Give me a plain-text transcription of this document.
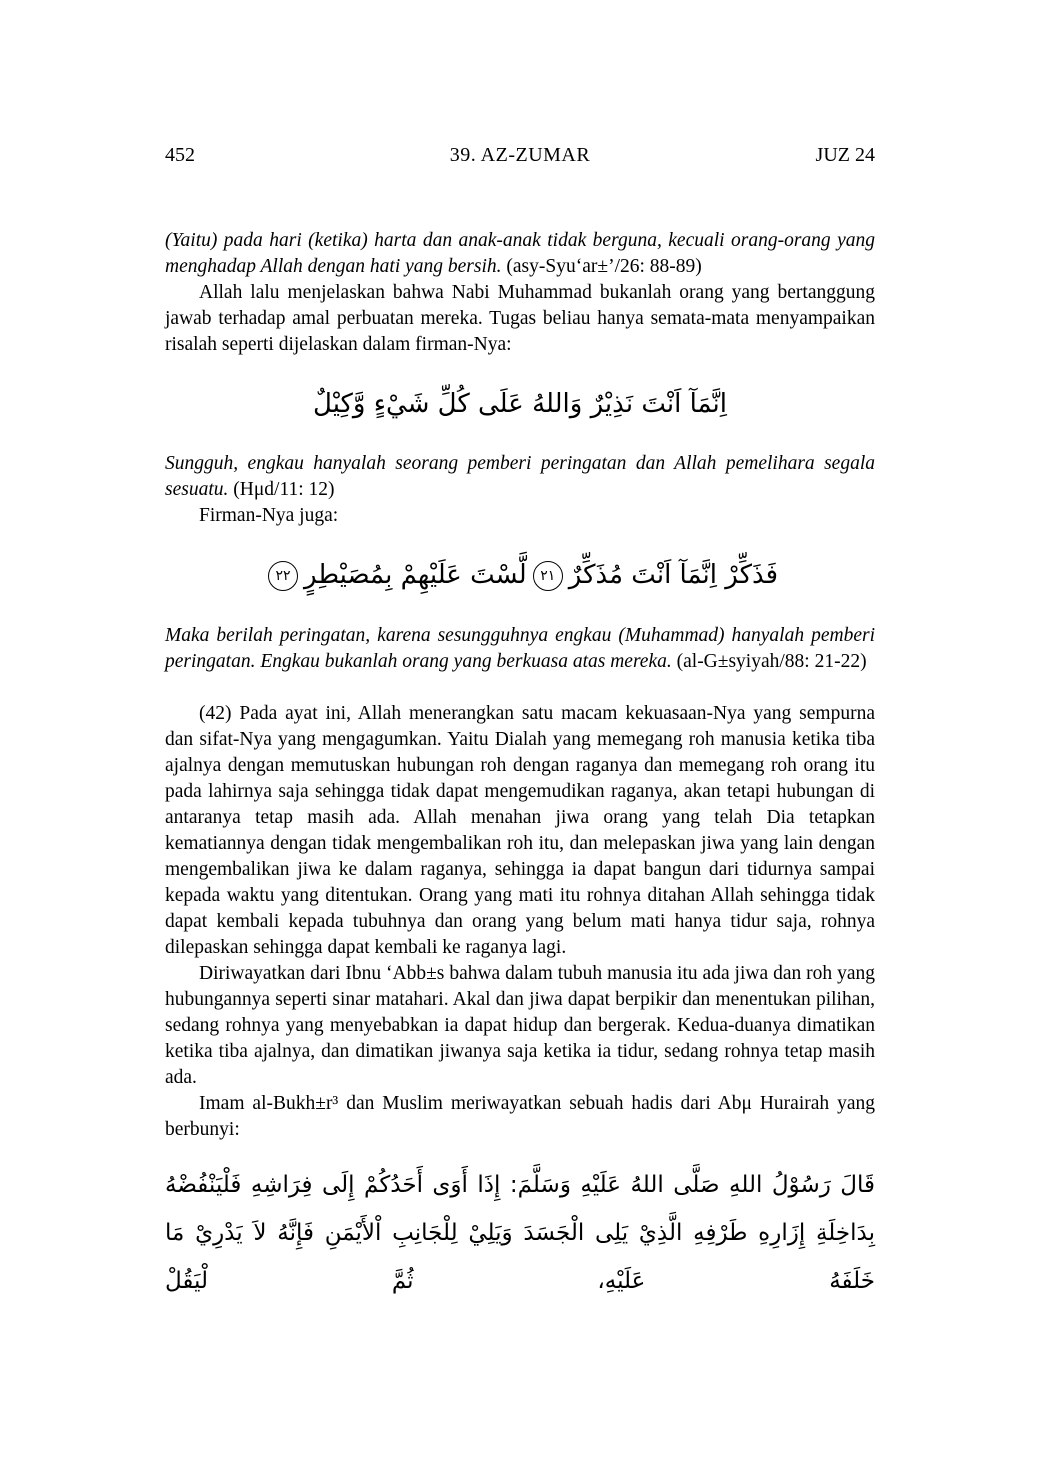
452	39. AZ-ZUMAR	JUZ 24

(Yaitu) pada hari (ketika) harta dan anak-anak tidak berguna, kecuali orang-orang yang menghadap Allah dengan hati yang bersih. (asy-Syu‘ar±’/26: 88-89)

Allah lalu menjelaskan bahwa Nabi Muhammad bukanlah orang yang bertanggung jawab terhadap amal perbuatan mereka. Tugas beliau hanya semata-mata menyampaikan risalah seperti dijelaskan dalam firman-Nya:

اِنَّمَآ اَنْتَ نَذِيْرٌ وَاللهُ عَلَى كُلِّ شَيْءٍ وَّكِيْلٌ

Sungguh, engkau hanyalah seorang pemberi peringatan dan Allah pemelihara segala sesuatu. (Hμd/11: 12)

Firman-Nya juga:

فَذَكِّرْ اِنَّمَآ اَنْتَ مُذَكِّرٌ٢١لَّسْتَ عَلَيْهِمْ بِمُصَيْطِرٍ٢٢

Maka berilah peringatan, karena sesungguhnya engkau (Muhammad) hanyalah pemberi peringatan. Engkau bukanlah orang yang berkuasa atas mereka. (al-G±syiyah/88: 21-22)

(42) Pada ayat ini, Allah menerangkan satu macam kekuasaan-Nya yang sempurna dan sifat-Nya yang mengagumkan. Yaitu Dialah yang memegang roh manusia ketika tiba ajalnya dengan memutuskan hubungan roh dengan raganya dan memegang roh orang itu pada lahirnya saja sehingga tidak dapat mengemudikan raganya, akan tetapi hubungan di antaranya tetap masih ada. Allah menahan jiwa orang yang telah Dia tetapkan kematiannya dengan tidak mengembalikan roh itu, dan melepaskan jiwa yang lain dengan mengembalikan jiwa ke dalam raganya, sehingga ia dapat bangun dari tidurnya sampai kepada waktu yang ditentukan. Orang yang mati itu rohnya ditahan Allah sehingga tidak dapat kembali kepada tubuhnya dan orang yang belum mati hanya tidur saja, rohnya dilepaskan sehingga dapat kembali ke raganya lagi.

Diriwayatkan dari Ibnu ‘Abb±s bahwa dalam tubuh manusia itu ada jiwa dan roh yang hubungannya seperti sinar matahari. Akal dan jiwa dapat berpikir dan menentukan pilihan, sedang rohnya yang menyebabkan ia dapat hidup dan bergerak. Kedua-duanya dimatikan ketika tiba ajalnya, dan dimatikan jiwanya saja ketika ia tidur, sedang rohnya tetap masih ada.

Imam al-Bukh±r³ dan Muslim meriwayatkan sebuah hadis dari Abμ Hurairah yang berbunyi:

قَالَ رَسُوْلُ اللهِ صَلَّى اللهُ عَلَيْهِ وَسَلَّمَ: إِذَا أَوَى أَحَدُكُمْ إِلَى فِرَاشِهِ فَلْيَنْفُضْهُ بِدَاخِلَةِ إِزَارِهِ طَرْفِهِ الَّذِيْ يَلِى الْجَسَدَ وَيَلِيْ لِلْجَانِبِ اْلأَيْمَنِ فَإِنَّهُ لاَ يَدْرِيْ مَا خَلَفَهُ عَلَيْهِ، ثُمَّ لْيَقُلْ
